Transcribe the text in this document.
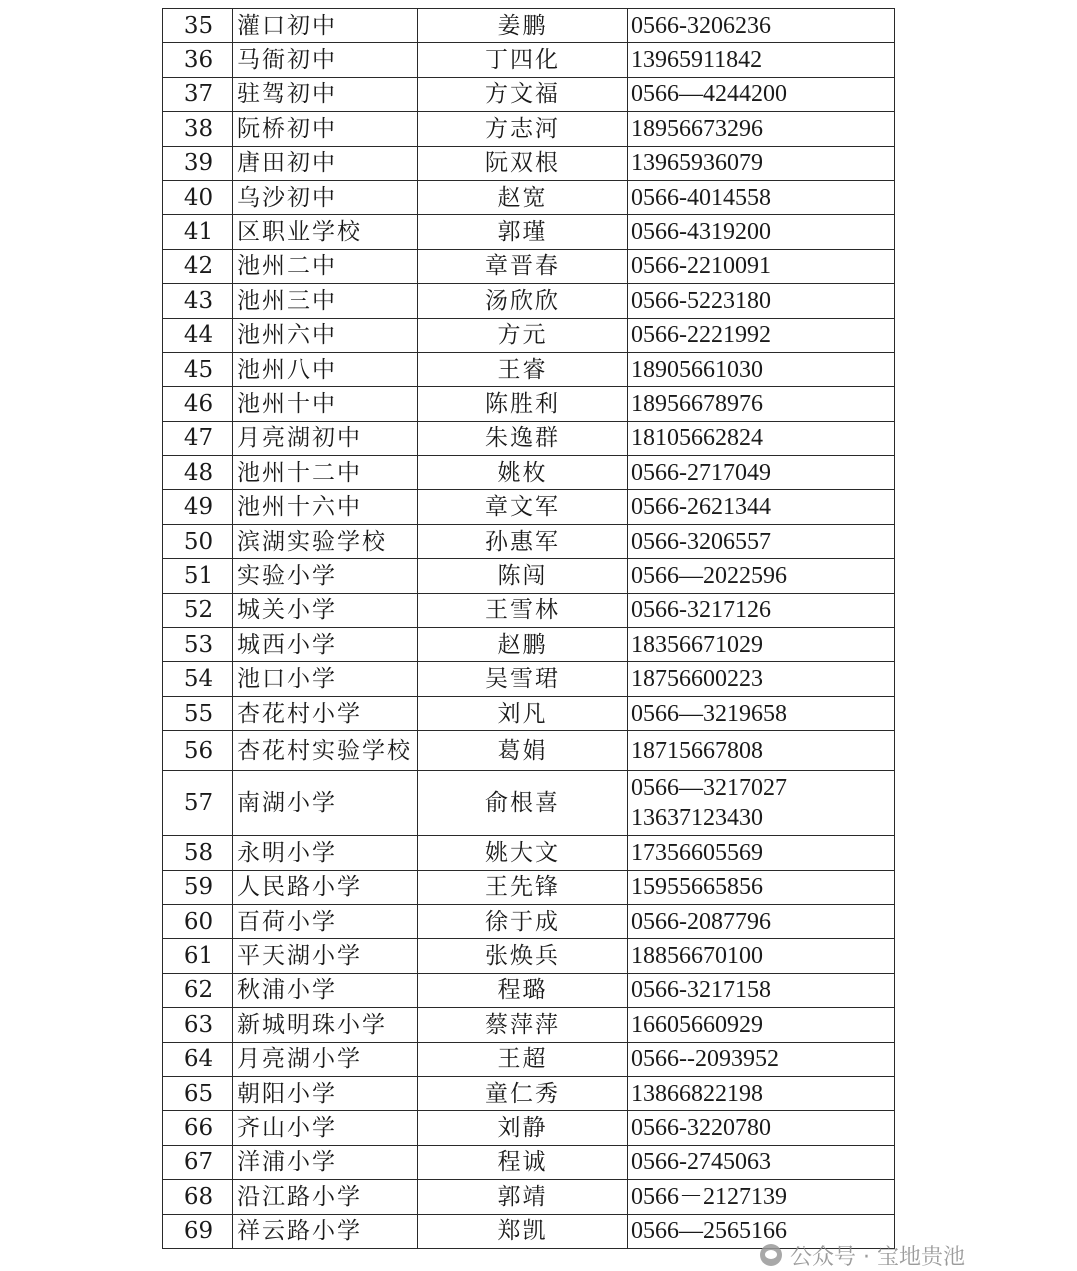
35	灌口初中	姜鹏	0566-3206236

36	马衙初中	丁四化	13965911842

37	驻驾初中	方文福	0566—4244200

38	阮桥初中	方志河	18956673296

39	唐田初中	阮双根	13965936079

40	乌沙初中	赵宽	0566-4014558

41	区职业学校	郭瑾	0566-4319200

42	池州二中	章晋春	0566-2210091

43	池州三中	汤欣欣	0566-5223180

44	池州六中	方元	0566-2221992

45	池州八中	王睿	18905661030

46	池州十中	陈胜利	18956678976

47	月亮湖初中	朱逸群	18105662824

48	池州十二中	姚枚	0566-2717049

49	池州十六中	章文军	0566-2621344

50	滨湖实验学校	孙惠军	0566-3206557

51	实验小学	陈闯	0566—2022596

52	城关小学	王雪林	0566-3217126

53	城西小学	赵鹏	18356671029

54	池口小学	吴雪珺	18756600223

55	杏花村小学	刘凡	0566—3219658

56	杏花村实验学校	葛娟	18715667808

57	南湖小学	俞根喜	0566—3217027
13637123430

58	永明小学	姚大文	17356605569

59	人民路小学	王先锋	15955665856

60	百荷小学	徐于成	0566-2087796

61	平天湖小学	张焕兵	18856670100

62	秋浦小学	程璐	0566-3217158

63	新城明珠小学	蔡萍萍	16605660929

64	月亮湖小学	王超	0566--2093952

65	朝阳小学	童仁秀	13866822198

66	齐山小学	刘静	0566-3220780

67	洋浦小学	程诚	0566-2745063

68	沿江路小学	郭靖	0566－2127139

69	祥云路小学	郑凯	0566—2565166
公众号 · 宝地贵池
